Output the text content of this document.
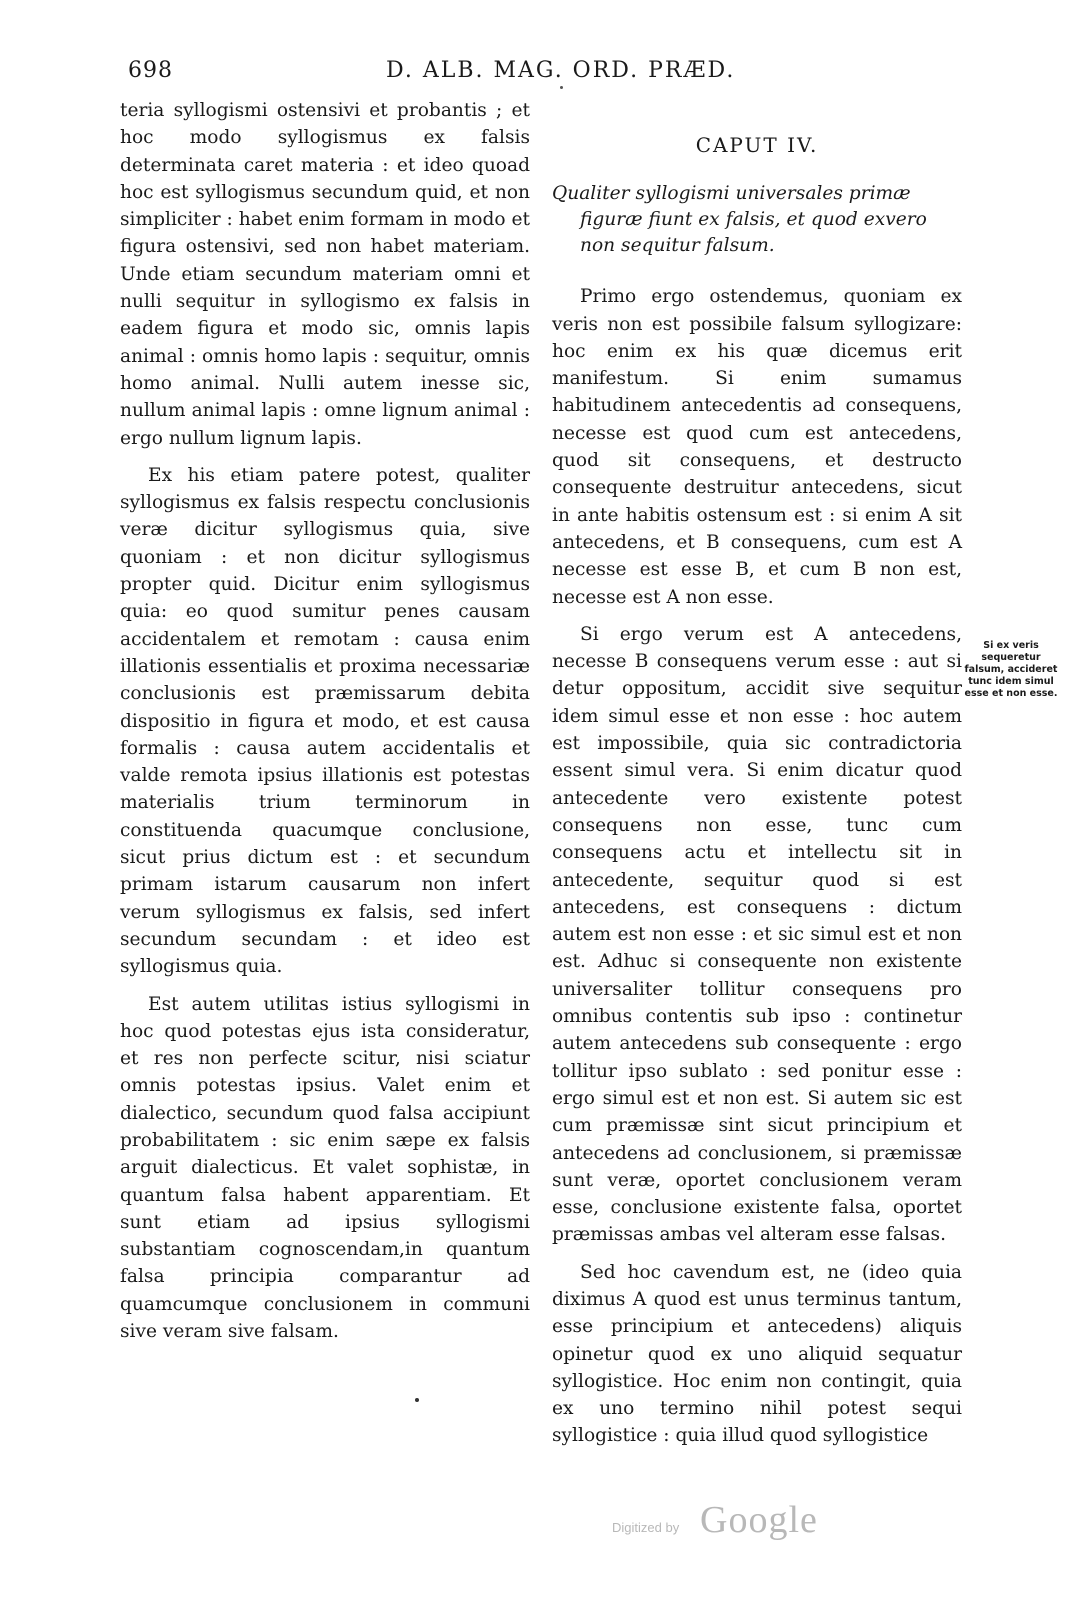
698	D. ALB. MAG. ORD. PRÆD.

teria syllogismi ostensivi et probantis ; et hoc modo syllogismus ex falsis determinata caret materia : et ideo quoad hoc est syllogismus secundum quid, et non simpliciter : habet enim formam in modo et figura ostensivi, sed non habet materiam. Unde etiam secundum materiam omni et nulli sequitur in syllogismo ex falsis in eadem figura et modo sic, omnis lapis animal : omnis homo lapis : sequitur, omnis homo animal. Nulli autem inesse sic, nullum animal lapis : omne lignum animal : ergo nullum lignum lapis.

Ex his etiam patere potest, qualiter syllogismus ex falsis respectu conclusionis veræ dicitur syllogismus quia, sive quoniam : et non dicitur syllogismus propter quid. Dicitur enim syllogismus quia: eo quod sumitur penes causam accidentalem et remotam : causa enim illationis essentialis et proxima necessariæ conclusionis est præmissarum debita dispositio in figura et modo, et est causa formalis : causa autem accidentalis et valde remota ipsius illationis est potestas materialis trium terminorum in constituenda quacumque conclusione, sicut prius dictum est : et secundum primam istarum causarum non infert verum syllogismus ex falsis, sed infert secundum secundam : et ideo est syllogismus quia.

Est autem utilitas istius syllogismi in hoc quod potestas ejus ista consideratur, et res non perfecte scitur, nisi sciatur omnis potestas ipsius. Valet enim et dialectico, secundum quod falsa accipiunt probabilitatem : sic enim sæpe ex falsis arguit dialecticus. Et valet sophistæ, in quantum falsa habent apparentiam. Et sunt etiam ad ipsius syllogismi substantiam cognoscendam,in quantum falsa principia comparantur ad quamcumque conclusionem in communi sive veram sive falsam.

CAPUT IV.
Qualiter syllogismi universales primæ figuræ fiunt ex falsis, et quod exvero non sequitur falsum.

Primo ergo ostendemus, quoniam ex veris non est possibile falsum syllogizare: hoc enim ex his quæ dicemus erit manifestum. Si enim sumamus habitudinem antecedentis ad consequens, necesse est quod cum est antecedens, quod sit consequens, et destructo consequente destruitur antecedens, sicut in ante habitis ostensum est : si enim A sit antecedens, et B consequens, cum est A necesse est esse B, et cum B non est, necesse est A non esse.

Si ergo verum est A antecedens, necesse B consequens verum esse : aut si detur oppositum, accidit sive sequitur idem simul esse et non esse : hoc autem est impossibile, quia sic contradictoria essent simul vera. Si enim dicatur quod antecedente vero existente potest consequens non esse, tunc cum consequens actu et intellectu sit in antecedente, sequitur quod si est antecedens, est consequens : dictum autem est non esse : et sic simul est et non est. Adhuc si consequente non existente universaliter tollitur consequens pro omnibus contentis sub ipso : continetur autem antecedens sub consequente : ergo tollitur ipso sublato : sed ponitur esse : ergo simul est et non est. Si autem sic est cum præmissæ sint sicut principium et antecedens ad conclusionem, si præmissæ sunt veræ, oportet conclusionem veram esse, conclusione existente falsa, oportet præmissas ambas vel alteram esse falsas.

Sed hoc cavendum est, ne (ideo quia diximus A quod est unus terminus tantum, esse principium et antecedens) aliquis opinetur quod ex uno aliquid sequatur syllogistice. Hoc enim non contingit, quia ex uno termino nihil potest sequi syllogistice : quia illud quod syllogistice

Si ex veris sequeretur falsum, accideret tunc idem simul esse et non esse.
Digitized by Google
